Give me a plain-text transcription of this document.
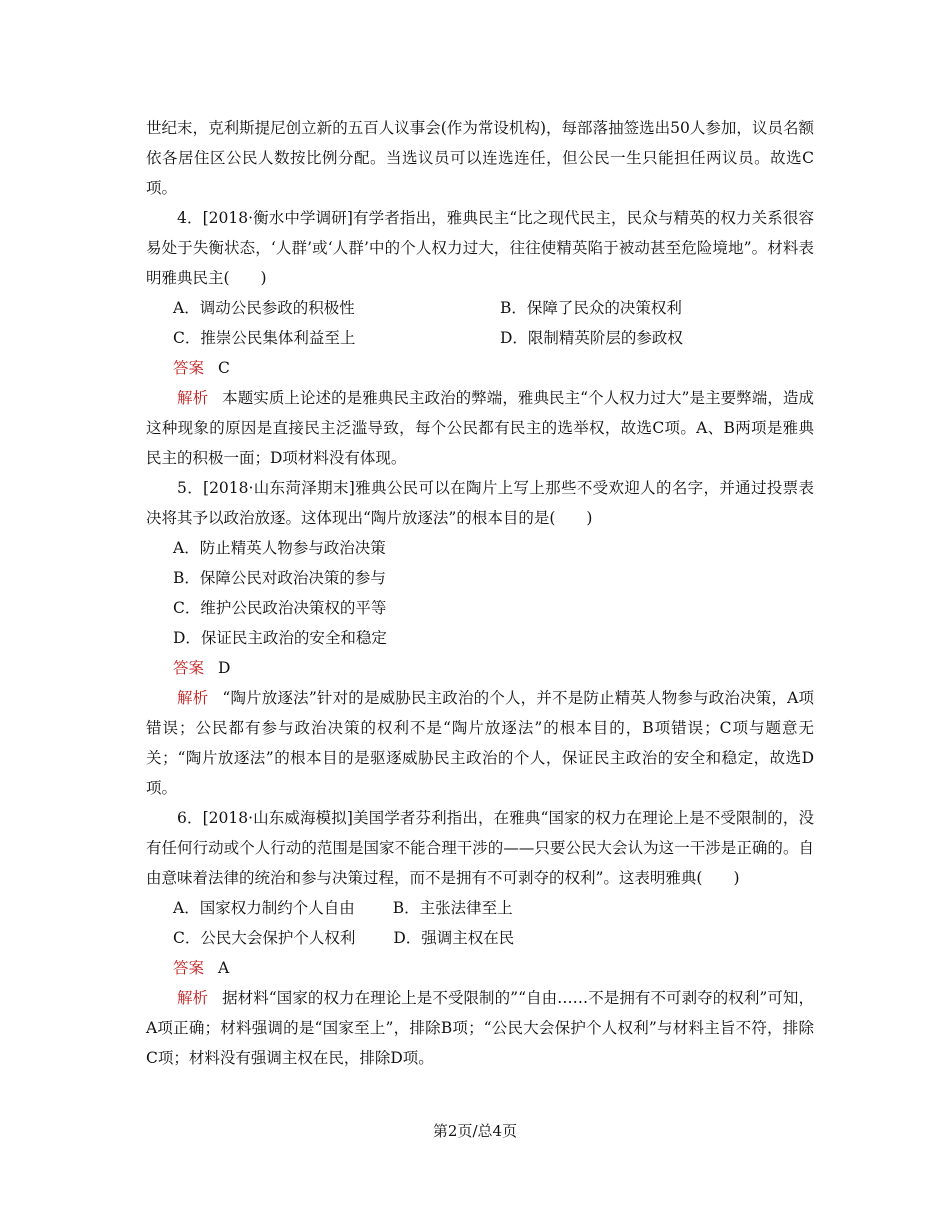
世纪末，克利斯提尼创立新的五百人议事会(作为常设机构)，每部落抽签选出50人参加，议员名额依各居住区公民人数按比例分配。当选议员可以连选连任，但公民一生只能担任两议员。故选C项。

4．[2018·衡水中学调研]有学者指出，雅典民主“比之现代民主，民众与精英的权力关系很容易处于失衡状态，‘人群’或‘人群’中的个人权力过大，往往使精英陷于被动甚至危险境地”。材料表明雅典民主(　　)

A．调动公民参政的积极性	B．保障了民众的决策权利
C．推崇公民集体利益至上	D．限制精英阶层的参政权

答案 C

解析 本题实质上论述的是雅典民主政治的弊端，雅典民主“个人权力过大”是主要弊端，造成这种现象的原因是直接民主泛滥导致，每个公民都有民主的选举权，故选C项。A、B两项是雅典民主的积极一面；D项材料没有体现。

5．[2018·山东菏泽期末]雅典公民可以在陶片上写上那些不受欢迎人的名字，并通过投票表决将其予以政治放逐。这体现出“陶片放逐法”的根本目的是(　　)

A．防止精英人物参与政治决策
B．保障公民对政治决策的参与
C．维护公民政治决策权的平等
D．保证民主政治的安全和稳定

答案 D

解析 “陶片放逐法”针对的是威胁民主政治的个人，并不是防止精英人物参与政治决策，A项错误；公民都有参与政治决策的权利不是“陶片放逐法”的根本目的，B项错误；C项与题意无关；“陶片放逐法”的根本目的是驱逐威胁民主政治的个人，保证民主政治的安全和稳定，故选D项。

6．[2018·山东威海模拟]美国学者芬利指出，在雅典“国家的权力在理论上是不受限制的，没有任何行动或个人行动的范围是国家不能合理干涉的——只要公民大会认为这一干涉是正确的。自由意味着法律的统治和参与决策过程，而不是拥有不可剥夺的权利”。这表明雅典(　　)

A．国家权力制约个人自由 B．主张法律至上
C．公民大会保护个人权利 D．强调主权在民

答案 A

解析 据材料“国家的权力在理论上是不受限制的”“自由……不是拥有不可剥夺的权利”可知，A项正确；材料强调的是“国家至上”，排除B项；“公民大会保护个人权利”与材料主旨不符，排除C项；材料没有强调主权在民，排除D项。

第2页/总4页
